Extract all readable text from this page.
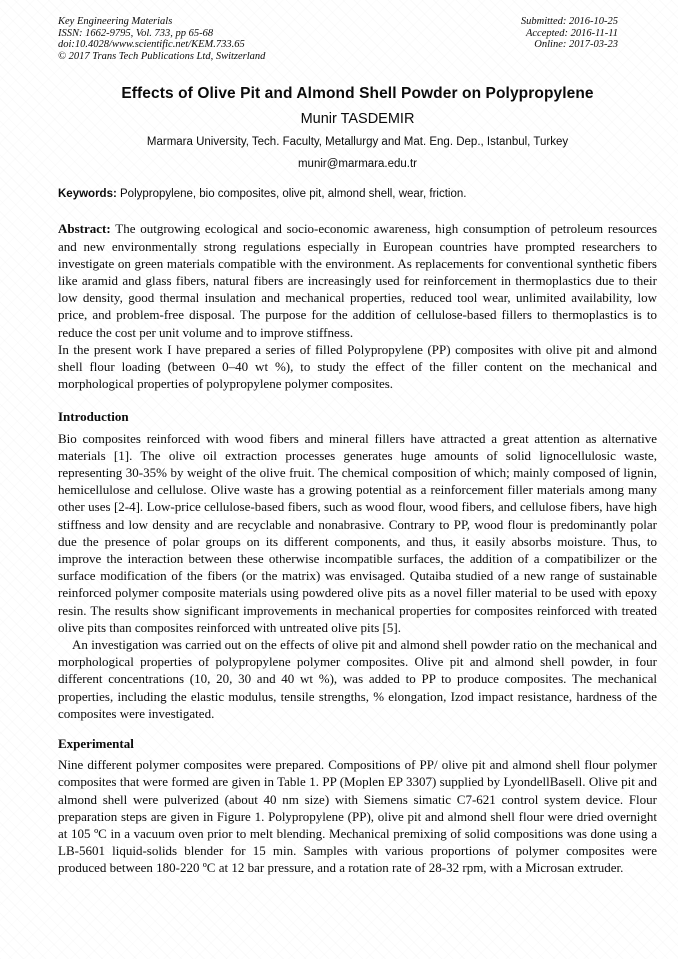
Key Engineering Materials
ISSN: 1662-9795, Vol. 733, pp 65-68
doi:10.4028/www.scientific.net/KEM.733.65
© 2017 Trans Tech Publications Ltd, Switzerland
Submitted: 2016-10-25
Accepted: 2016-11-11
Online: 2017-03-23
Effects of Olive Pit and Almond Shell Powder on Polypropylene
Munir TASDEMIR
Marmara University, Tech. Faculty, Metallurgy and Mat. Eng. Dep., Istanbul, Turkey
munir@marmara.edu.tr
Keywords: Polypropylene, bio composites, olive pit, almond shell, wear, friction.

Abstract: The outgrowing ecological and socio-economic awareness, high consumption of petroleum resources and new environmentally strong regulations especially in European countries have prompted researchers to investigate on green materials compatible with the environment. As replacements for conventional synthetic fibers like aramid and glass fibers, natural fibers are increasingly used for reinforcement in thermoplastics due to their low density, good thermal insulation and mechanical properties, reduced tool wear, unlimited availability, low price, and problem-free disposal. The purpose for the addition of cellulose-based fillers to thermoplastics is to reduce the cost per unit volume and to improve stiffness.

In the present work I have prepared a series of filled Polypropylene (PP) composites with olive pit and almond shell flour loading (between 0–40 wt %), to study the effect of the filler content on the mechanical and morphological properties of polypropylene polymer composites.

Introduction

Bio composites reinforced with wood fibers and mineral fillers have attracted a great attention as alternative materials [1]. The olive oil extraction processes generates huge amounts of solid lignocellulosic waste, representing 30-35% by weight of the olive fruit. The chemical composition of which; mainly composed of lignin, hemicellulose and cellulose. Olive waste has a growing potential as a reinforcement filler materials among many other uses [2-4]. Low-price cellulose-based fibers, such as wood flour, wood fibers, and cellulose fibers, have high stiffness and low density and are recyclable and nonabrasive. Contrary to PP, wood flour is predominantly polar due the presence of polar groups on its different components, and thus, it easily absorbs moisture. Thus, to improve the interaction between these otherwise incompatible surfaces, the addition of a compatibilizer or the surface modification of the fibers (or the matrix) was envisaged. Qutaiba studied of a new range of sustainable reinforced polymer composite materials using powdered olive pits as a novel filler material to be used with epoxy resin. The results show significant improvements in mechanical properties for composites reinforced with treated olive pits than composites reinforced with untreated olive pits [5].

An investigation was carried out on the effects of olive pit and almond shell powder ratio on the mechanical and morphological properties of polypropylene polymer composites. Olive pit and almond shell powder, in four different concentrations (10, 20, 30 and 40 wt %), was added to PP to produce composites. The mechanical properties, including the elastic modulus, tensile strengths, % elongation, Izod impact resistance, hardness of the composites were investigated.

Experimental

Nine different polymer composites were prepared. Compositions of PP/ olive pit and almond shell flour polymer composites that were formed are given in Table 1. PP (Moplen EP 3307) supplied by LyondellBasell. Olive pit and almond shell were pulverized (about 40 nm size) with Siemens simatic C7-621 control system device. Flour preparation steps are given in Figure 1. Polypropylene (PP), olive pit and almond shell flour were dried overnight at 105 ºC in a vacuum oven prior to melt blending. Mechanical premixing of solid compositions was done using a LB-5601 liquid-solids blender for 15 min. Samples with various proportions of polymer composites were produced between 180-220 ºC at 12 bar pressure, and a rotation rate of 28-32 rpm, with a Microsan extruder.
